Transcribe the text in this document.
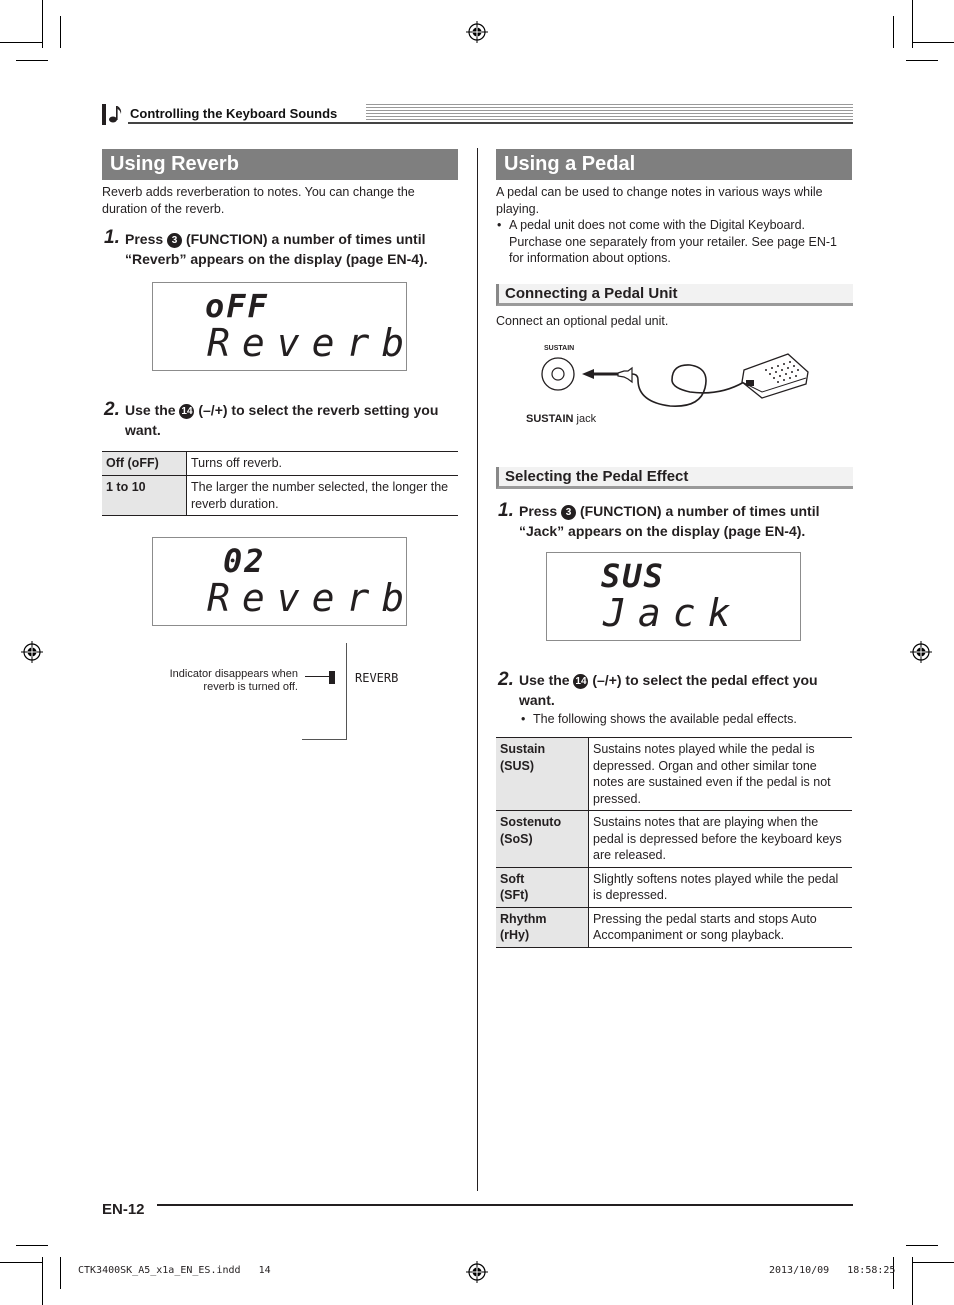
Controlling the Keyboard Sounds
Using Reverb
Reverb adds reverberation to notes. You can change the duration of the reverb.
1. Press 3 (FUNCTION) a number of times until
“Reverb” appears on the display (page EN-4).
oFF
Reverb
2. Use the 14 (–/+) to select the reverb setting you
want.
Off (oFF)	Turns off reverb.
1 to 10	The larger the number selected, the longer the reverb duration.
02
Reverb
Indicator disappears when reverb is turned off.
REVERB
Using a Pedal
A pedal can be used to change notes in various ways while playing.
• A pedal unit does not come with the Digital Keyboard. Purchase one separately from your retailer. See page EN-1 for information about options.
Connecting a Pedal Unit
Connect an optional pedal unit.
SUSTAIN
SUSTAIN jack
Selecting the Pedal Effect
1. Press 3 (FUNCTION) a number of times until
“Jack” appears on the display (page EN-4).
SUS
Jack
2. Use the 14 (–/+) to select the pedal effect you
want.
• The following shows the available pedal effects.
Sustain
(SUS)	Sustains notes played while the pedal is depressed. Organ and other similar tone notes are sustained even if the pedal is not pressed.
Sostenuto
(SoS)	Sustains notes that are playing when the pedal is depressed before the keyboard keys are released.
Soft
(SFt)	Slightly softens notes played while the pedal is depressed.
Rhythm
(rHy)	Pressing the pedal starts and stops Auto Accompaniment or song playback.
EN-12
CTK3400SK_A5_x1a_EN_ES.indd   14	2013/10/09   18:58:25
